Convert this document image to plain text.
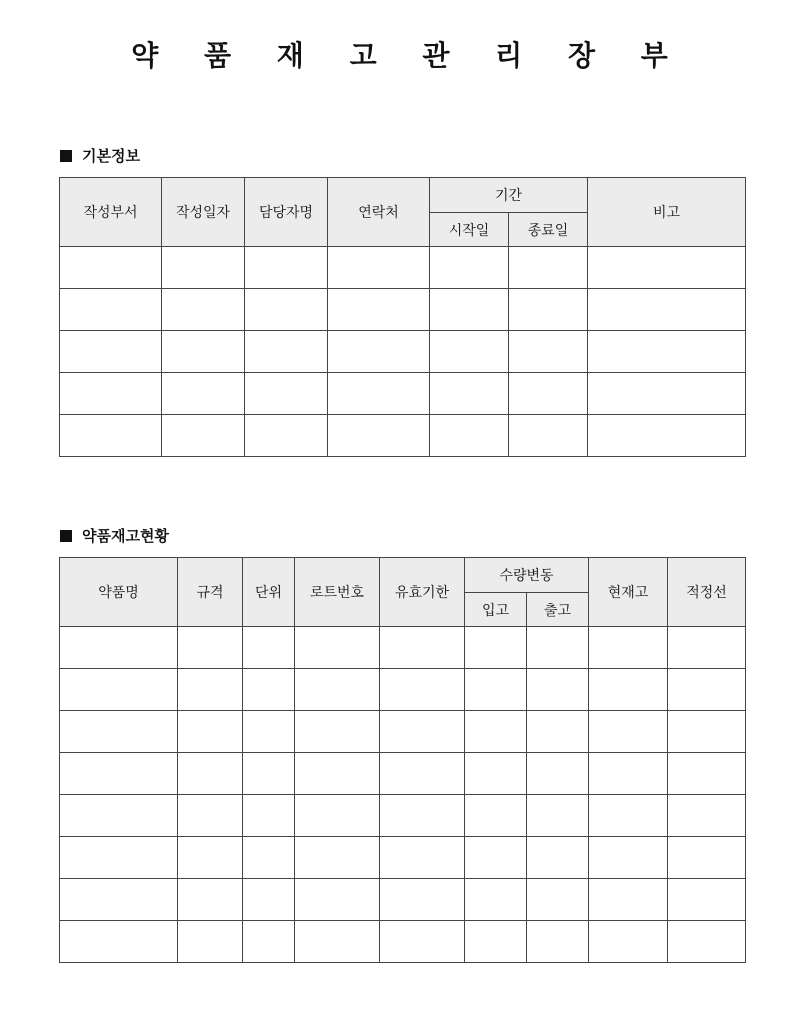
약 품 재 고 관 리 장 부
기본정보
작성부서	작성일자	담당자명	연락처	기간		비고
				시작일	종료일	

약품재고현황
약품명	규격	단위	로트번호	유효기한	수량변동		현재고	적정선
					입고	출고		
